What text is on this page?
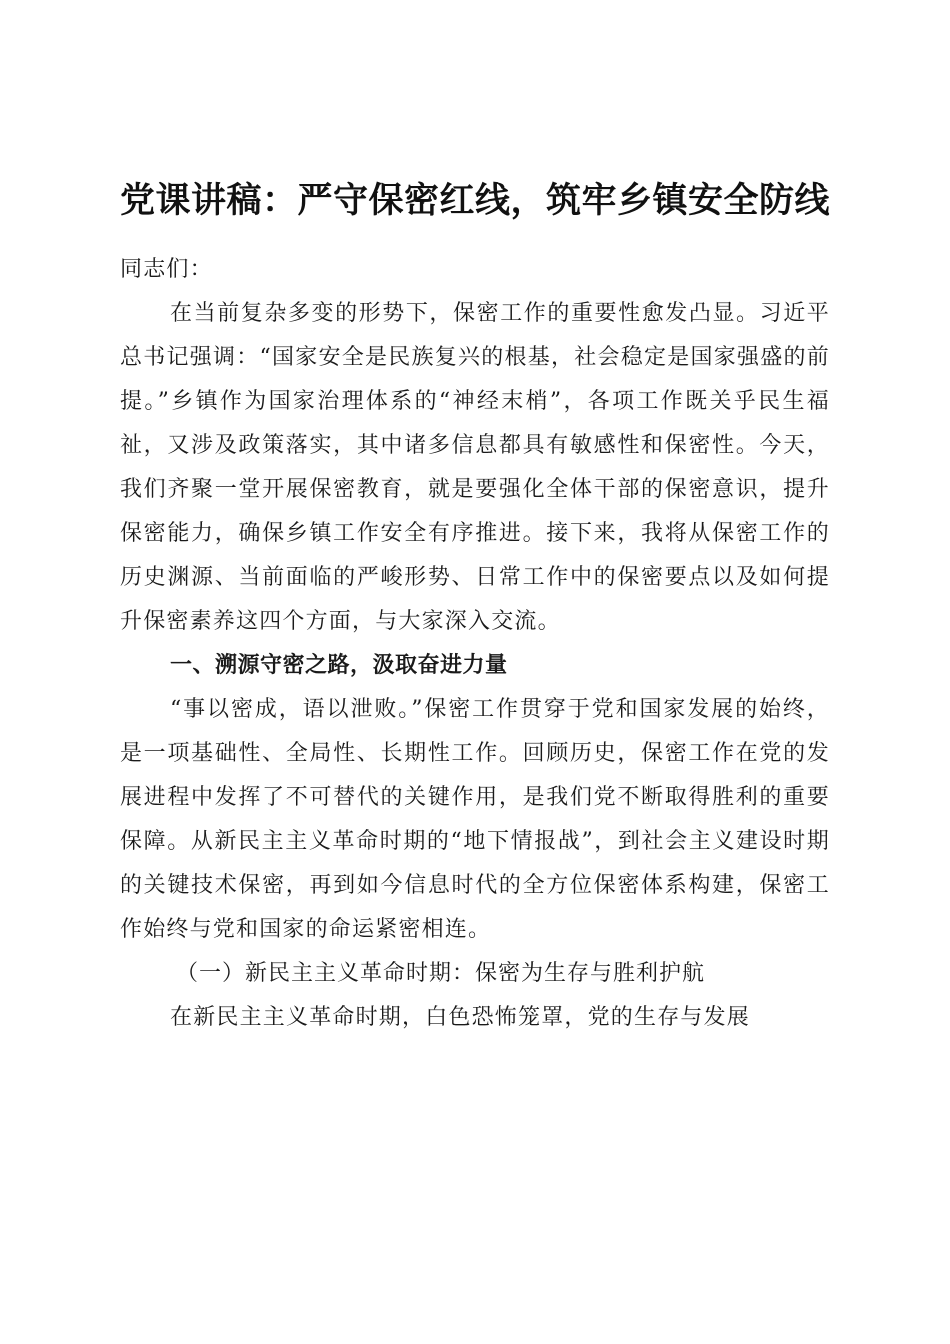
党课讲稿：严守保密红线，筑牢乡镇安全防线

同志们：

在当前复杂多变的形势下，保密工作的重要性愈发凸显。习近平总书记强调：“国家安全是民族复兴的根基，社会稳定是国家强盛的前提。”乡镇作为国家治理体系的“神经末梢”，各项工作既关乎民生福祉，又涉及政策落实，其中诸多信息都具有敏感性和保密性。今天，我们齐聚一堂开展保密教育，就是要强化全体干部的保密意识，提升保密能力，确保乡镇工作安全有序推进。接下来，我将从保密工作的历史渊源、当前面临的严峻形势、日常工作中的保密要点以及如何提升保密素养这四个方面，与大家深入交流。

一、溯源守密之路，汲取奋进力量

“事以密成，语以泄败。”保密工作贯穿于党和国家发展的始终，是一项基础性、全局性、长期性工作。回顾历史，保密工作在党的发展进程中发挥了不可替代的关键作用，是我们党不断取得胜利的重要保障。从新民主主义革命时期的“地下情报战”，到社会主义建设时期的关键技术保密，再到如今信息时代的全方位保密体系构建，保密工作始终与党和国家的命运紧密相连。

（一）新民主主义革命时期：保密为生存与胜利护航

在新民主主义革命时期，白色恐怖笼罩，党的生存与发展
